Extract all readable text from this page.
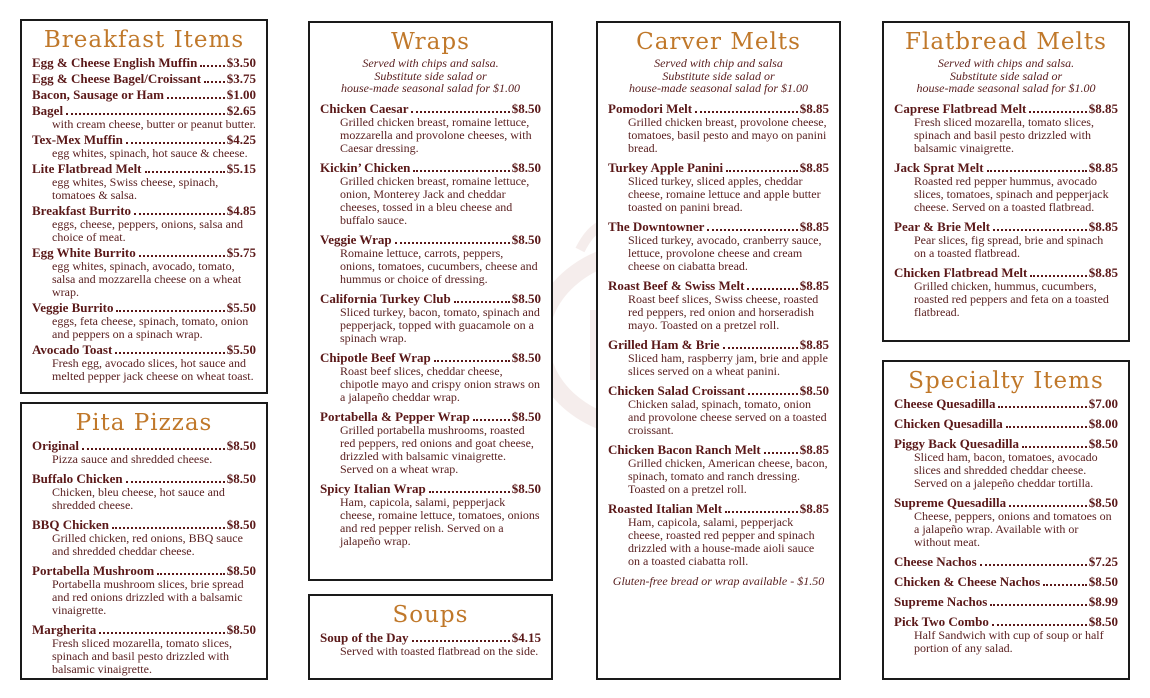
Breakfast Items
Egg & Cheese English Muffin $3.50
Egg & Cheese Bagel/Croissant $3.75
Bacon, Sausage or Ham	$1.00
Bagel	$2.65
with cream cheese, butter or peanut butter.
Tex-Mex Muffin	$4.25
egg whites, spinach, hot sauce & cheese.
Lite Flatbread Melt	$5.15
egg whites, Swiss cheese, spinach, tomatoes & salsa.
Breakfast Burrito	$4.85
eggs, cheese, peppers, onions, salsa and choice of meat.
Egg White Burrito	$5.75
egg whites, spinach, avocado, tomato, salsa and mozzarella cheese on a wheat wrap.
Veggie Burrito	$5.50
eggs, feta cheese, spinach, tomato, onion and peppers on a spinach wrap.
Avocado Toast	$5.50
Fresh egg, avocado slices, hot sauce and melted pepper jack cheese on wheat toast.
Pita Pizzas
Original	$8.50
Pizza sauce and shredded cheese.
Buffalo Chicken	$8.50
Chicken, bleu cheese, hot sauce and shredded cheese.
BBQ Chicken	$8.50
Grilled chicken, red onions, BBQ sauce and shredded cheddar cheese.
Portabella Mushroom	$8.50
Portabella mushroom slices, brie spread and red onions drizzled with a balsamic vinaigrette.
Margherita	$8.50
Fresh sliced mozarella, tomato slices, spinach and basil pesto drizzled with balsamic vinaigrette.
Wraps
Served with chips and salsa.
Substitute side salad or
house-made seasonal salad for $1.00
Chicken Caesar	$8.50
Grilled chicken breast, romaine lettuce, mozzarella and provolone cheeses, with Caesar dressing.
Kickin’ Chicken	$8.50
Grilled chicken breast, romaine lettuce, onion, Monterey Jack and cheddar cheeses, tossed in a bleu cheese and buffalo sauce.
Veggie Wrap	$8.50
Romaine lettuce, carrots, peppers, onions, tomatoes, cucumbers, cheese and hummus or choice of dressing.
California Turkey Club	$8.50
Sliced turkey, bacon, tomato, spinach and pepperjack, topped with guacamole on a spinach wrap.
Chipotle Beef Wrap	$8.50
Roast beef slices, cheddar cheese, chipotle mayo and crispy onion straws on a jalapeño cheddar wrap.
Portabella & Pepper Wrap	$8.50
Grilled portabella mushrooms, roasted red peppers, red onions and goat cheese, drizzled with balsamic vinaigrette. Served on a wheat wrap.
Spicy Italian Wrap	$8.50
Ham, capicola, salami, pepperjack cheese, romaine lettuce, tomatoes, onions and red pepper relish. Served on a jalapeño wrap.
Soups
Soup of the Day	$4.15
Served with toasted flatbread on the side.
Carver Melts
Served with chip and salsa
Substitute side salad or
house-made seasonal salad for $1.00
Pomodori Melt	$8.85
Grilled chicken breast, provolone cheese, tomatoes, basil pesto and mayo on panini bread.
Turkey Apple Panini	$8.85
Sliced turkey, sliced apples, cheddar cheese, romaine lettuce and apple butter toasted on panini bread.
The Downtowner	$8.85
Sliced turkey, avocado, cranberry sauce, lettuce, provolone cheese and cream cheese on ciabatta bread.
Roast Beef & Swiss Melt	$8.85
Roast beef slices, Swiss cheese, roasted red peppers, red onion and horseradish mayo. Toasted on a pretzel roll.
Grilled Ham & Brie	$8.85
Sliced ham, raspberry jam, brie and apple slices served on a wheat panini.
Chicken Salad Croissant	$8.50
Chicken salad, spinach, tomato, onion and provolone cheese served on a toasted croissant.
Chicken Bacon Ranch Melt	$8.85
Grilled chicken, American cheese, bacon, spinach, tomato and ranch dressing. Toasted on a pretzel roll.
Roasted Italian Melt	$8.85
Ham, capicola, salami, pepperjack cheese, roasted red pepper and spinach drizzled with a house-made aioli sauce on a toasted ciabatta roll.
Gluten-free bread or wrap available - $1.50
Flatbread Melts
Served with chips and salsa.
Substitute side salad or
house-made seasonal salad for $1.00
Caprese Flatbread Melt	$8.85
Fresh sliced mozarella, tomato slices, spinach and basil pesto drizzled with balsamic vinaigrette.
Jack Sprat Melt	$8.85
Roasted red pepper hummus, avocado slices, tomatoes, spinach and pepperjack cheese. Served on a toasted flatbread.
Pear & Brie Melt	$8.85
Pear slices, fig spread, brie and spinach on a toasted flatbread.
Chicken Flatbread Melt	$8.85
Grilled chicken, hummus, cucumbers, roasted red peppers and feta on a toasted flatbread.
Specialty Items
Cheese Quesadilla	$7.00
Chicken Quesadilla	$8.00
Piggy Back Quesadilla	$8.50
Sliced ham, bacon, tomatoes, avocado slices and shredded cheddar cheese. Served on a jalepeño cheddar tortilla.
Supreme Quesadilla	$8.50
Cheese, peppers, onions and tomatoes on a jalapeño wrap. Available with or without meat.
Cheese Nachos	$7.25
Chicken & Cheese Nachos	$8.50
Supreme Nachos	$8.99
Pick Two Combo	$8.50
Half Sandwich with cup of soup or half portion of any salad.
